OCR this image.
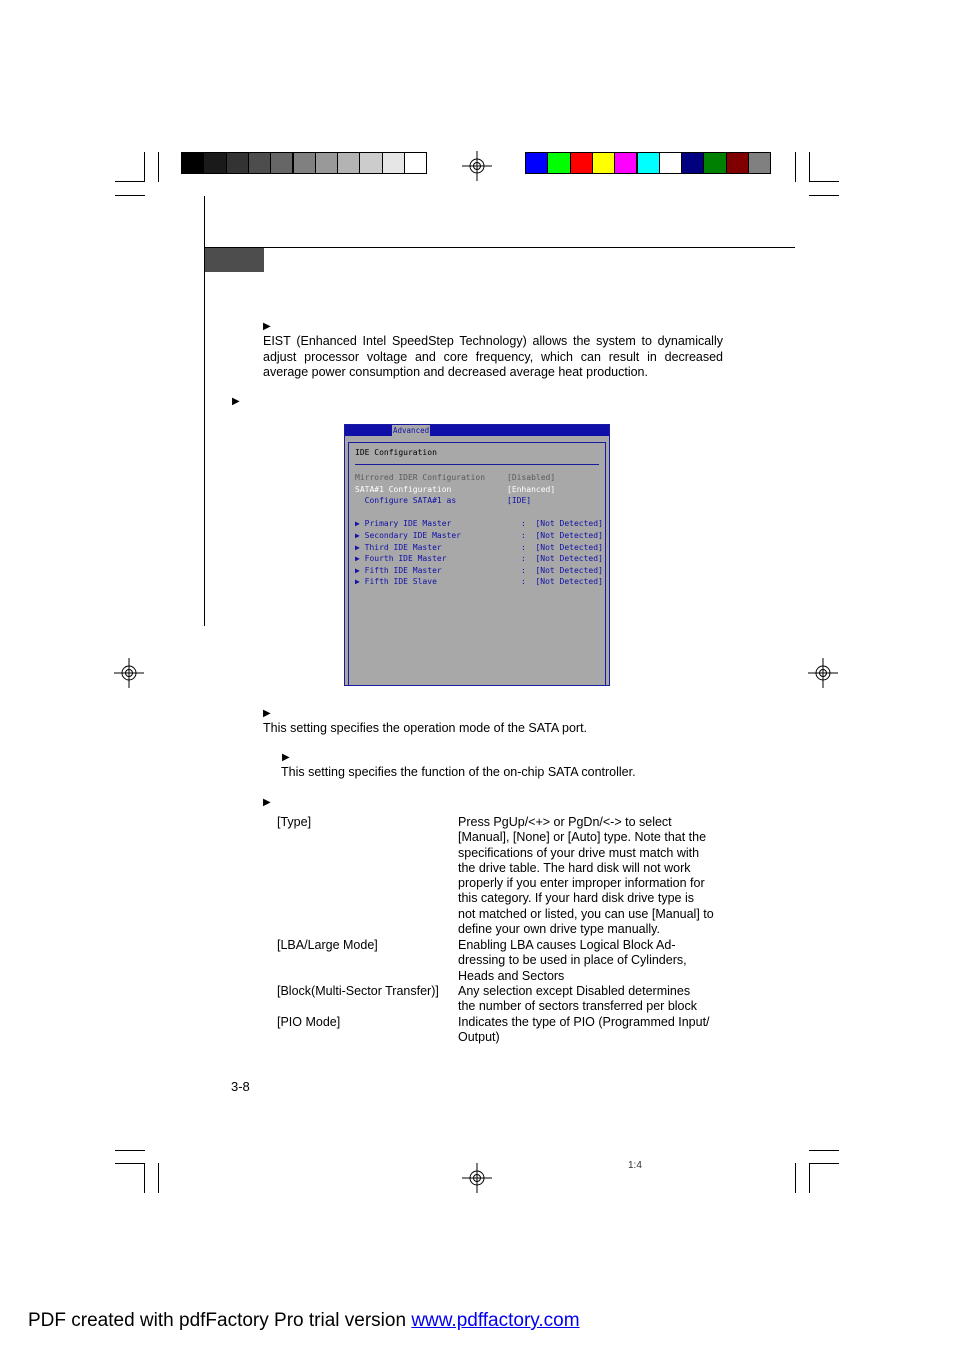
▶
EIST (Enhanced Intel SpeedStep Technology) allows the system to dynamically adjust processor voltage and core frequency, which can result in decreased average power consumption and decreased average heat production.
▶
Advanced
IDE Configuration
Mirrored IDER Configuration	[Disabled]
SATA#1 Configuration	[Enhanced]
Configure SATA#1 as	[IDE]
▶ Primary IDE Master	:  [Not Detected]
▶ Secondary IDE Master	:  [Not Detected]
▶ Third IDE Master	:  [Not Detected]
▶ Fourth IDE Master	:  [Not Detected]
▶ Fifth IDE Master	:  [Not Detected]
▶ Fifth IDE Slave	:  [Not Detected]
▶
This setting specifies the operation mode of the SATA port.
▶
This setting specifies the function of the on-chip SATA controller.
▶
[Type]	Press PgUp/<+> or PgDn/<-> to select
[Manual], [None] or [Auto] type. Note that the
specifications of your drive must match with
the drive table. The hard disk will not work
properly if you enter improper information for
this category. If your hard disk drive type is
not matched or listed, you can use [Manual] to
define your own drive type manually.
[LBA/Large Mode]	Enabling LBA causes Logical Block Ad-
dressing to be used in place of Cylinders,
Heads and Sectors
[Block(Multi-Sector Transfer)] Any selection except Disabled determines
the number of sectors transferred per block
[PIO Mode]	Indicates the type of PIO (Programmed Input/
Output)
3-8
1:4
PDF created with pdfFactory Pro trial version www.pdffactory.com
